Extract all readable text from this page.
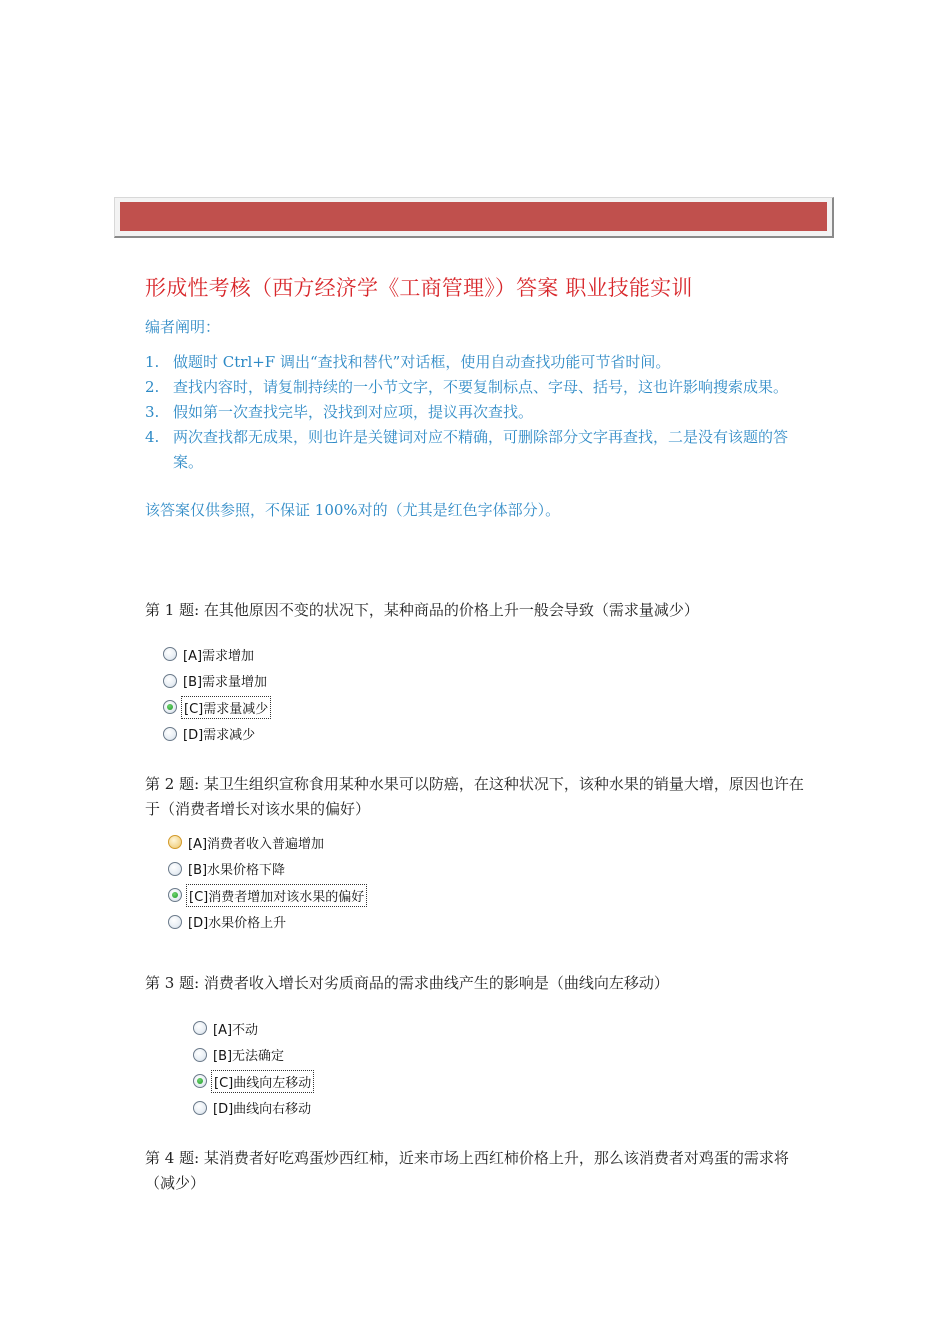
形成性考核（西方经济学《工商管理》）答案 职业技能实训
编者阐明：
1. 做题时 Ctrl+F 调出“查找和替代”对话框，使用自动查找功能可节省时间。
2. 查找内容时，请复制持续的一小节文字，不要复制标点、字母、括号，这也许影响搜索成果。
3. 假如第一次查找完毕，没找到对应项，提议再次查找。
4. 两次查找都无成果，则也许是关键词对应不精确，可删除部分文字再查找，二是没有该题的答案。
该答案仅供参照，不保证 100%对的（尤其是红色字体部分）。
第 1 题: 在其他原因不变的状况下，某种商品的价格上升一般会导致（需求量减少）
[A]需求增加
[B]需求量增加
[C]需求量减少
[D]需求减少
第 2 题: 某卫生组织宣称食用某种水果可以防癌，在这种状况下，该种水果的销量大增，原因也许在于（消费者增长对该水果的偏好）
[A]消费者收入普遍增加
[B]水果价格下降
[C]消费者增加对该水果的偏好
[D]水果价格上升
第 3 题: 消费者收入增长对劣质商品的需求曲线产生的影响是（曲线向左移动）
[A]不动
[B]无法确定
[C]曲线向左移动
[D]曲线向右移动
第 4 题: 某消费者好吃鸡蛋炒西红柿，近来市场上西红柿价格上升，那么该消费者对鸡蛋的需求将（减少）
